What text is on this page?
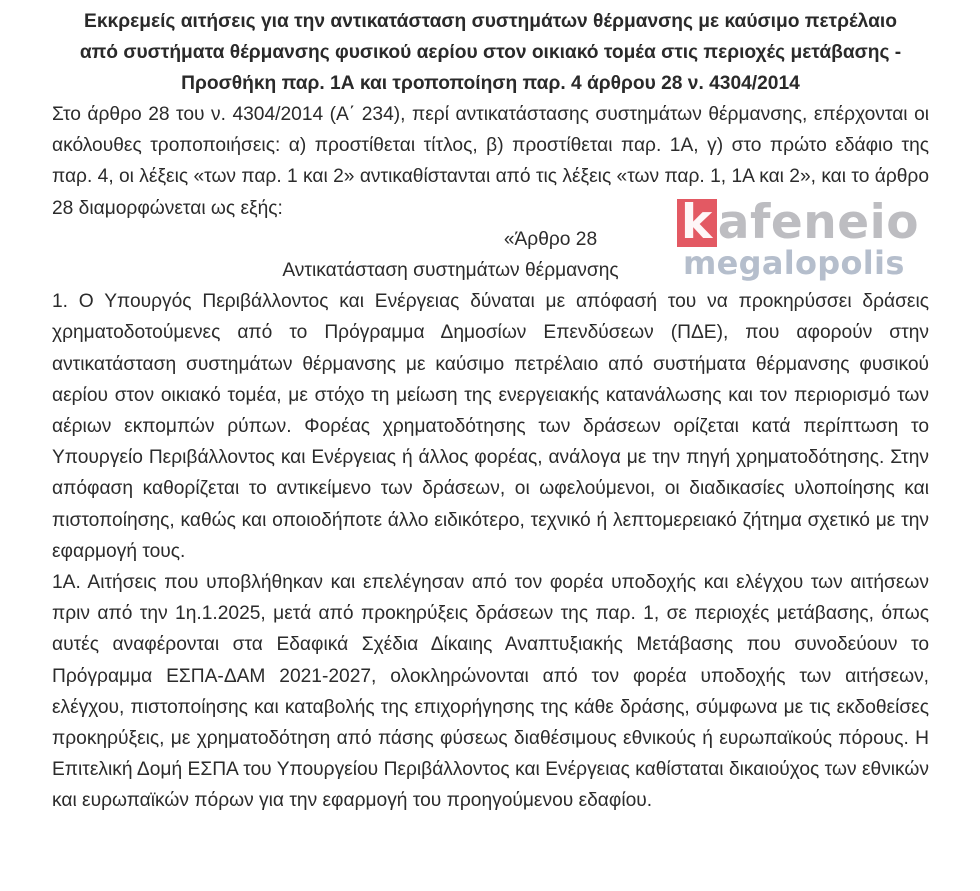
Εκκρεμείς αιτήσεις για την αντικατάσταση συστημάτων θέρμανσης με καύσιμο πετρέλαιο

από συστήματα θέρμανσης φυσικού αερίου στον οικιακό τομέα στις περιοχές μετάβασης -

Προσθήκη παρ. 1Α και τροποποίηση παρ. 4 άρθρου 28 ν. 4304/2014

Στο άρθρο 28 του ν. 4304/2014 (Α΄ 234), περί αντικατάστασης συστημάτων θέρμανσης, επέρχονται οι ακόλουθες τροποποιήσεις: α) προστίθεται τίτλος, β) προστίθεται παρ. 1Α, γ) στο πρώτο εδάφιο της παρ. 4, οι λέξεις «των παρ. 1 και 2» αντικαθίστανται από τις λέξεις «των παρ. 1, 1Α και 2», και το άρθρο 28 διαμορφώνεται ως εξής:

«Άρθρο 28

Αντικατάσταση συστημάτων θέρμανσης

1. Ο Υπουργός Περιβάλλοντος και Ενέργειας δύναται με απόφασή του να προκηρύσσει δράσεις χρηματοδοτούμενες από το Πρόγραμμα Δημοσίων Επενδύσεων (ΠΔΕ), που αφορούν στην αντικατάσταση συστημάτων θέρμανσης με καύσιμο πετρέλαιο από συστήματα θέρμανσης φυσικού αερίου στον οικιακό τομέα, με στόχο τη μείωση της ενεργειακής κατανάλωσης και τον περιορισμό των αέριων εκπομπών ρύπων. Φορέας χρηματοδότησης των δράσεων ορίζεται κατά περίπτωση το Υπουργείο Περιβάλλοντος και Ενέργειας ή άλλος φορέας, ανάλογα με την πηγή χρηματοδότησης. Στην απόφαση καθορίζεται το αντικείμενο των δράσεων, οι ωφελούμενοι, οι διαδικασίες υλοποίησης και πιστοποίησης, καθώς και οποιοδήποτε άλλο ειδικότερο, τεχνικό ή λεπτομερειακό ζήτημα σχετικό με την εφαρμογή τους.

1Α. Αιτήσεις που υποβλήθηκαν και επελέγησαν από τον φορέα υποδοχής και ελέγχου των αιτήσεων πριν από την 1η.1.2025, μετά από προκηρύξεις δράσεων της παρ. 1, σε περιοχές μετάβασης, όπως αυτές αναφέρονται στα Εδαφικά Σχέδια Δίκαιης Αναπτυξιακής Μετάβασης που συνοδεύουν το Πρόγραμμα ΕΣΠΑ-ΔΑΜ 2021-2027, ολοκληρώνονται από τον φορέα υποδοχής των αιτήσεων, ελέγχου, πιστοποίησης και καταβολής της επιχορήγησης της κάθε δράσης, σύμφωνα με τις εκδοθείσες προκηρύξεις, με χρηματοδότηση από πάσης φύσεως διαθέσιμους εθνικούς ή ευρωπαϊκούς πόρους. Η Επιτελική Δομή ΕΣΠΑ του Υπουργείου Περιβάλλοντος και Ενέργειας καθίσταται δικαιούχος των εθνικών και ευρωπαϊκών πόρων για την εφαρμογή του προηγούμενου εδαφίου.

k afeneio
megalopolis
